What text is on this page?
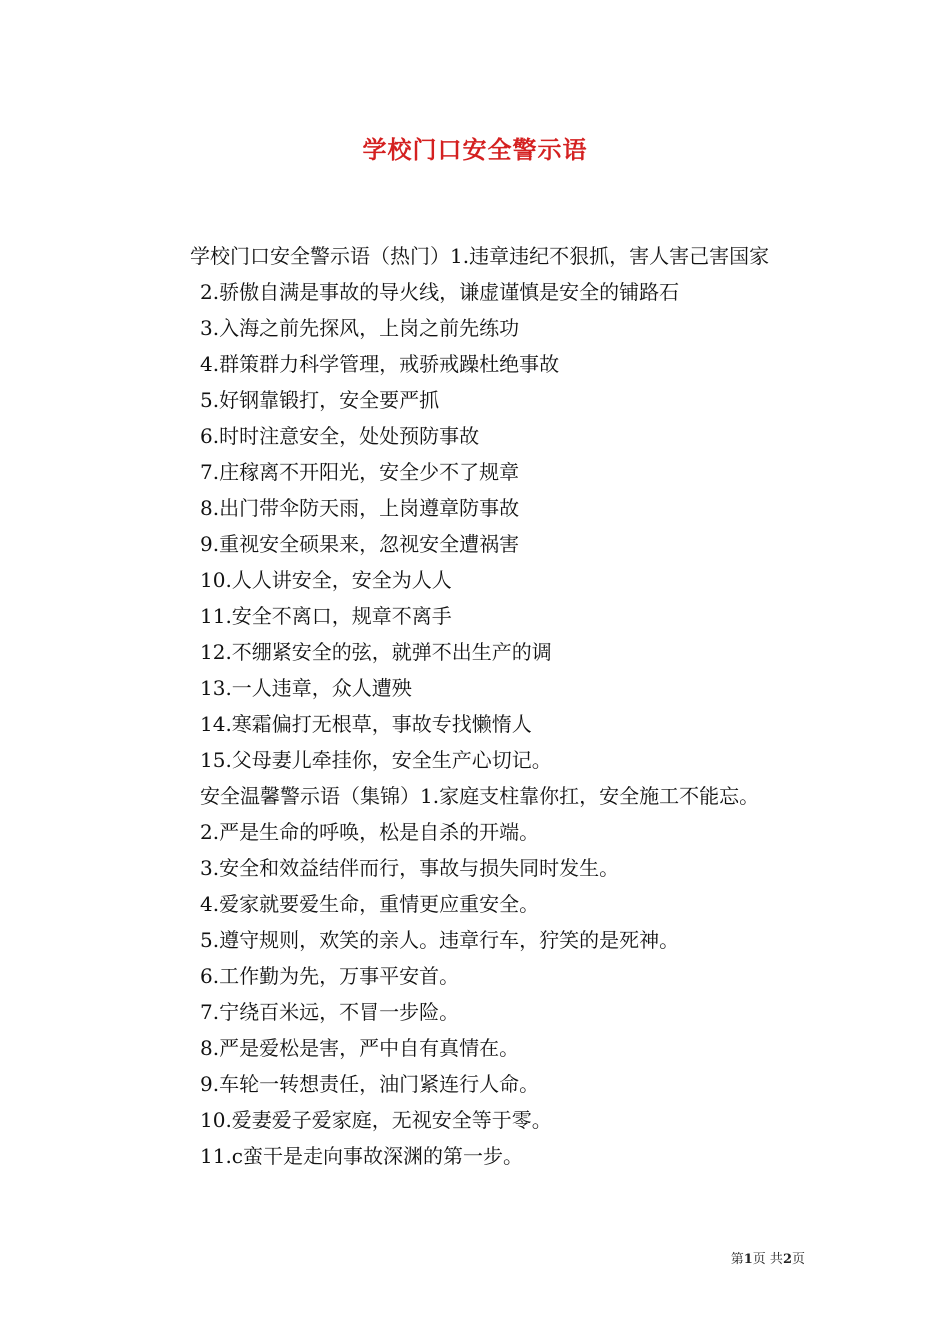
学校门口安全警示语
学校门口安全警示语（热门）1.违章违纪不狠抓，害人害己害国家
2.骄傲自满是事故的导火线，谦虚谨慎是安全的铺路石
3.入海之前先探风，上岗之前先练功
4.群策群力科学管理，戒骄戒躁杜绝事故
5.好钢靠锻打，安全要严抓
6.时时注意安全，处处预防事故
7.庄稼离不开阳光，安全少不了规章
8.出门带伞防天雨，上岗遵章防事故
9.重视安全硕果来，忽视安全遭祸害
10.人人讲安全，安全为人人
11.安全不离口，规章不离手
12.不绷紧安全的弦，就弹不出生产的调
13.一人违章，众人遭殃
14.寒霜偏打无根草，事故专找懒惰人
15.父母妻儿牵挂你，安全生产心切记。
安全温馨警示语（集锦）1.家庭支柱靠你扛，安全施工不能忘。
2.严是生命的呼唤，松是自杀的开端。
3.安全和效益结伴而行，事故与损失同时发生。
4.爱家就要爱生命，重情更应重安全。
5.遵守规则，欢笑的亲人。违章行车，狞笑的是死神。
6.工作勤为先，万事平安首。
7.宁绕百米远，不冒一步险。
8.严是爱松是害，严中自有真情在。
9.车轮一转想责任，油门紧连行人命。
10.爱妻爱子爱家庭，无视安全等于零。
11.c蛮干是走向事故深渊的第一步。
第1页 共2页
